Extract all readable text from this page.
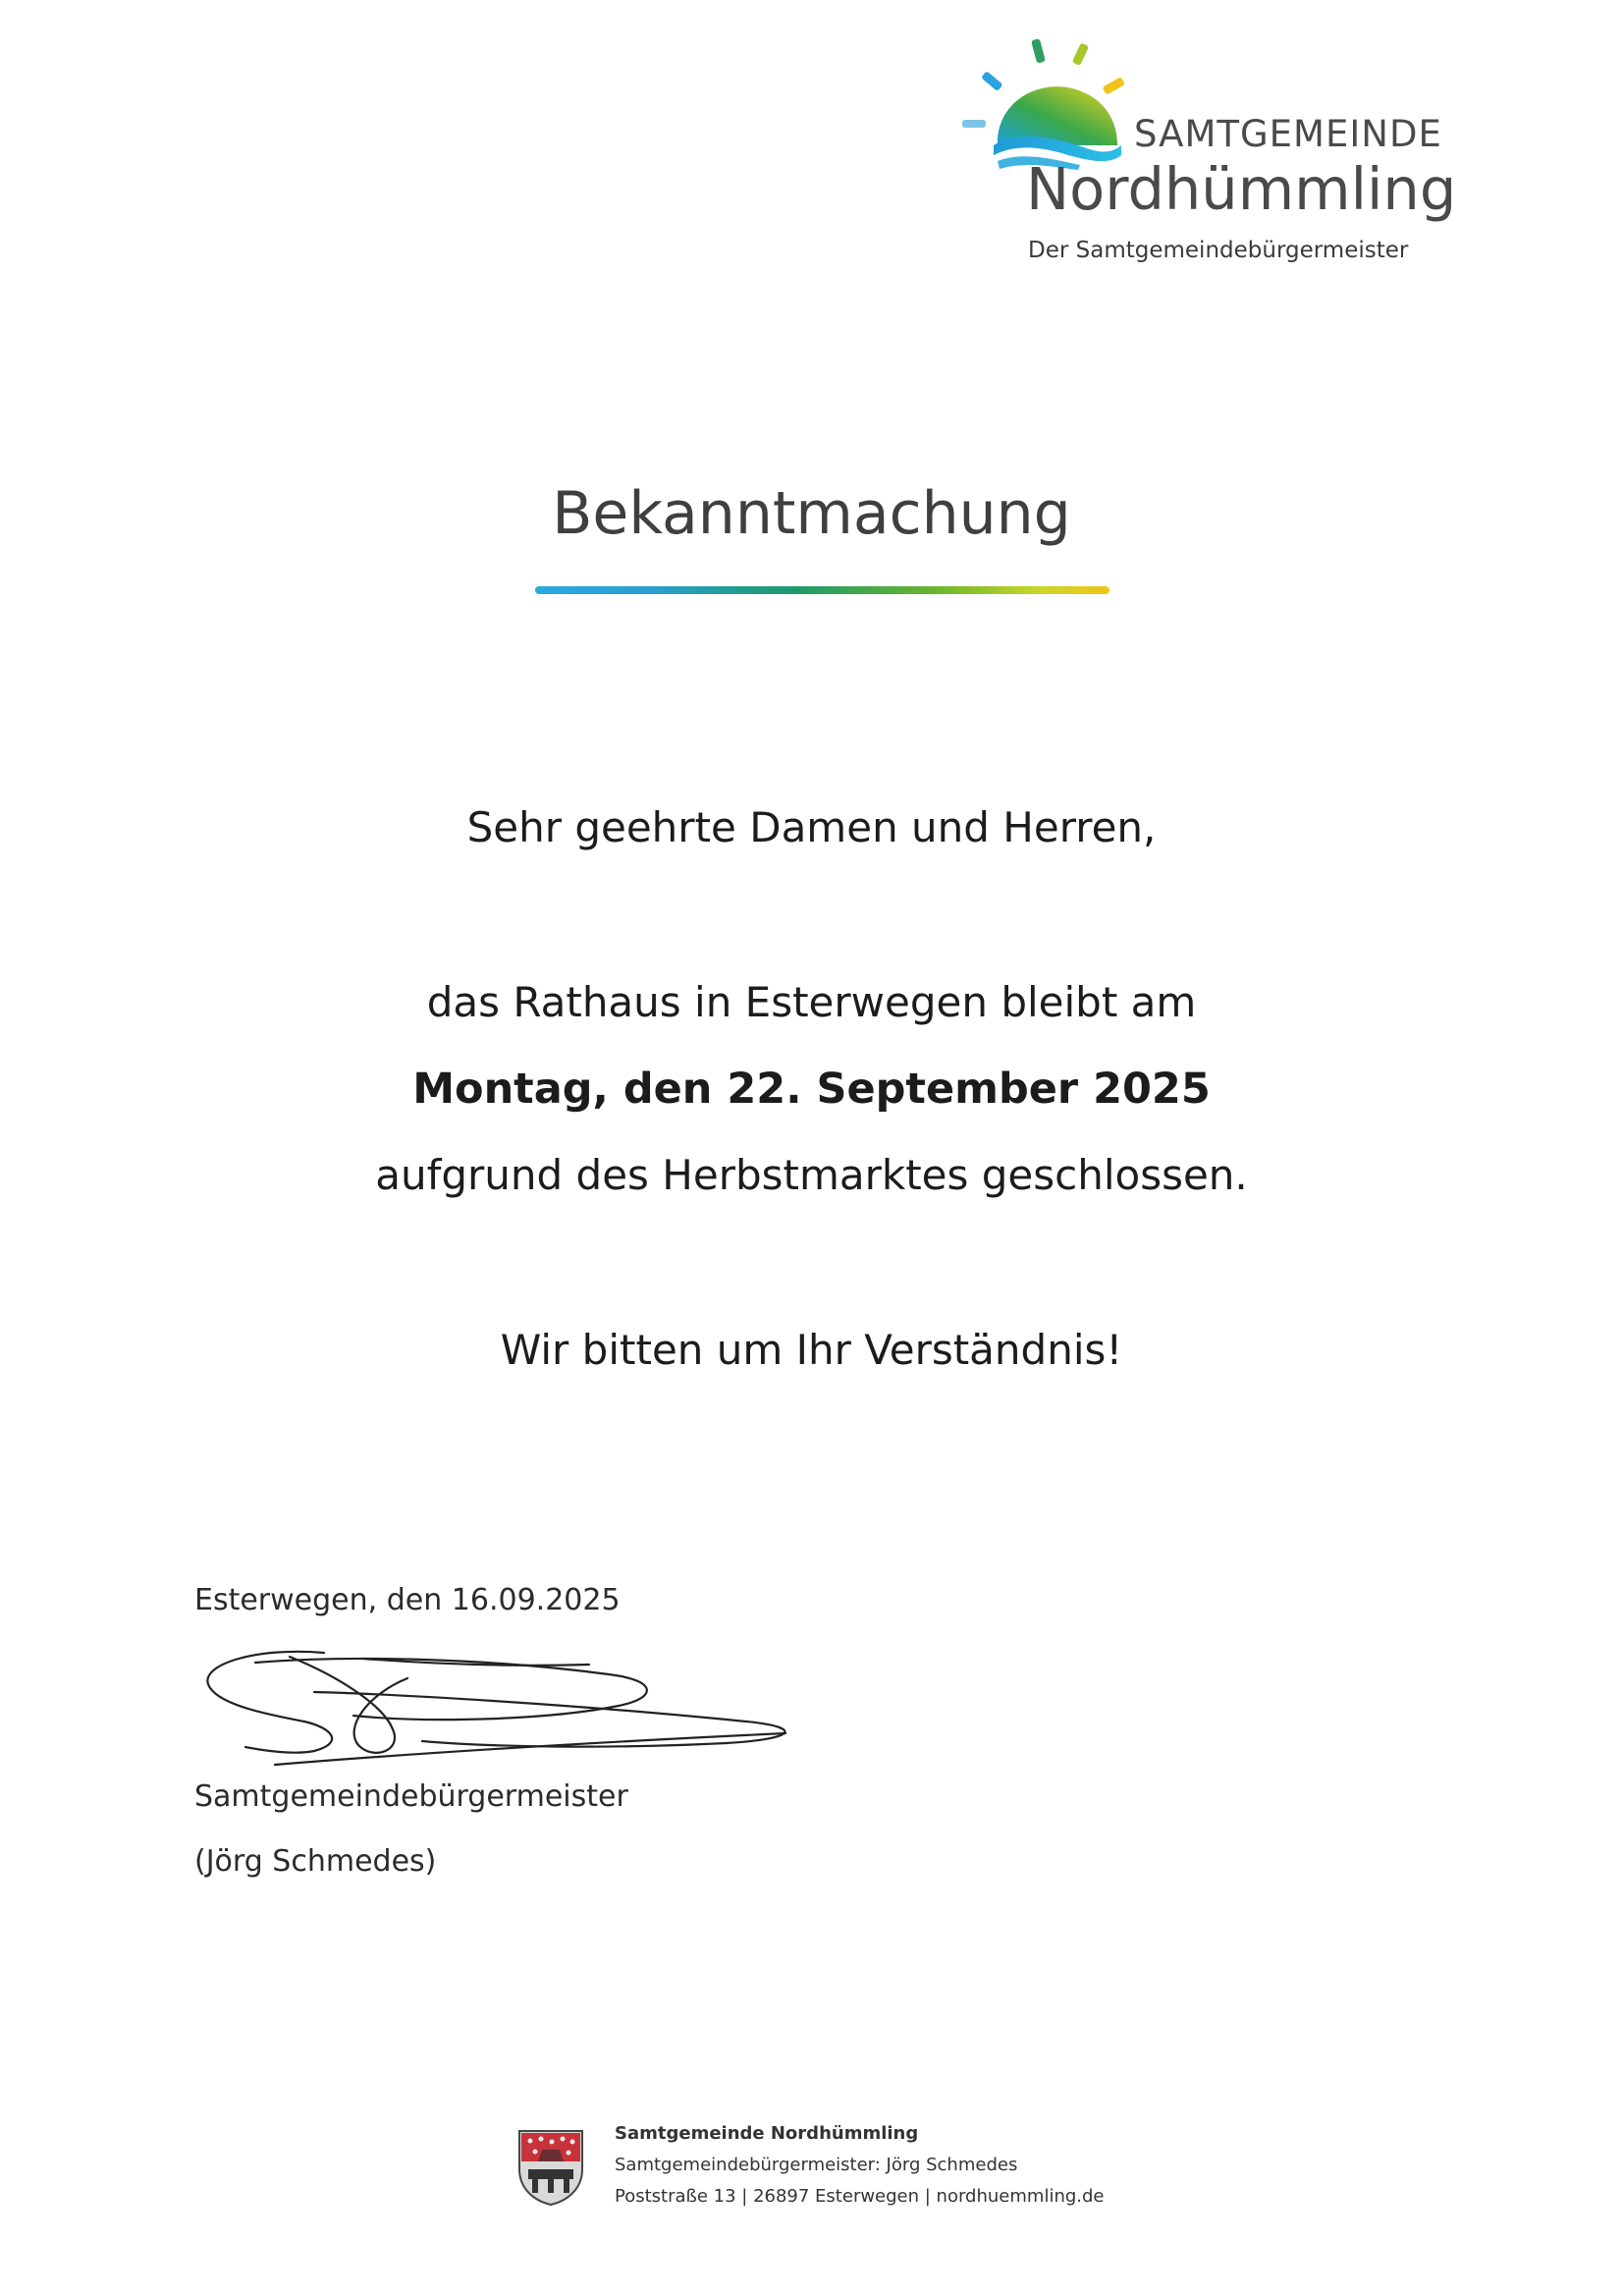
SAMTGEMEINDE
Nordhümmling
Der Samtgemeindebürgermeister
Bekanntmachung
Sehr geehrte Damen und Herren,
das Rathaus in Esterwegen bleibt am
Montag, den 22. September 2025
aufgrund des Herbstmarktes geschlossen.
Wir bitten um Ihr Verständnis!
Esterwegen, den 16.09.2025
Samtgemeindebürgermeister
(Jörg Schmedes)
Samtgemeinde Nordhümmling
Samtgemeindebürgermeister: Jörg Schmedes
Poststraße 13 | 26897 Esterwegen | nordhuemmling.de
